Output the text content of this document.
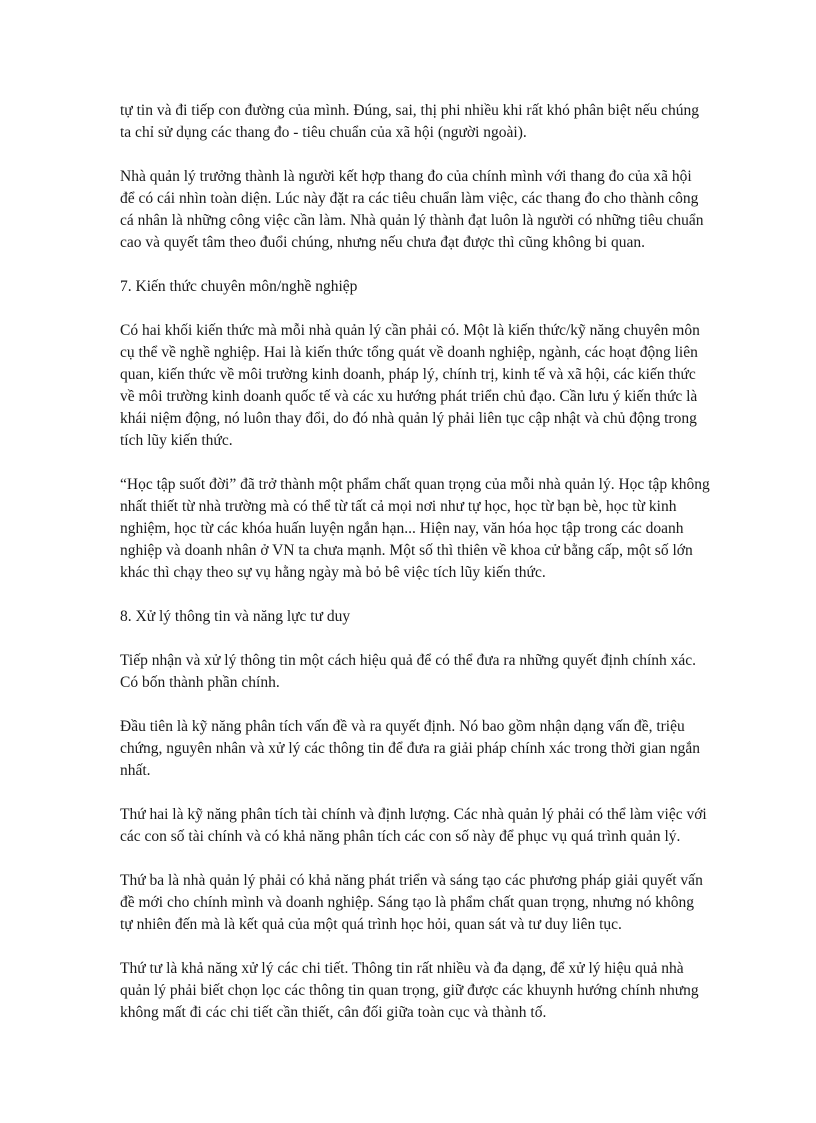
tự tin và đi tiếp con đường của mình. Đúng, sai, thị phi nhiều khi rất khó phân biệt nếu chúng ta chỉ sử dụng các thang đo - tiêu chuẩn của xã hội (người ngoài).

Nhà quản lý trưởng thành là người kết hợp thang đo của chính mình với thang đo của xã hội để có cái nhìn toàn diện. Lúc này đặt ra các tiêu chuẩn làm việc, các thang đo cho thành công cá nhân là những công việc cần làm. Nhà quản lý thành đạt luôn là người có những tiêu chuẩn cao và quyết tâm theo đuổi chúng, nhưng nếu chưa đạt được thì cũng không bi quan.

7. Kiến thức chuyên môn/nghề nghiệp

Có hai khối kiến thức mà mỗi nhà quản lý cần phải có. Một là kiến thức/kỹ năng chuyên môn cụ thể về nghề nghiệp. Hai là kiến thức tổng quát về doanh nghiệp, ngành, các hoạt động liên quan, kiến thức về môi trường kinh doanh, pháp lý, chính trị, kinh tế và xã hội, các kiến thức về môi trường kinh doanh quốc tế và các xu hướng phát triển chủ đạo. Cần lưu ý kiến thức là khái niệm động, nó luôn thay đổi, do đó nhà quản lý phải liên tục cập nhật và chủ động trong tích lũy kiến thức.

“Học tập suốt đời” đã trở thành một phẩm chất quan trọng của mỗi nhà quản lý. Học tập không nhất thiết từ nhà trường mà có thể từ tất cả mọi nơi như tự học, học từ bạn bè, học từ kinh nghiệm, học từ các khóa huấn luyện ngắn hạn... Hiện nay, văn hóa học tập trong các doanh nghiệp và doanh nhân ở VN ta chưa mạnh. Một số thì thiên về khoa cử bằng cấp, một số lớn khác thì chạy theo sự vụ hằng ngày mà bỏ bê việc tích lũy kiến thức.

8. Xử lý thông tin và năng lực tư duy

Tiếp nhận và xử lý thông tin một cách hiệu quả để có thể đưa ra những quyết định chính xác. Có bốn thành phần chính.

Đầu tiên là kỹ năng phân tích vấn đề và ra quyết định. Nó bao gồm nhận dạng vấn đề, triệu chứng, nguyên nhân và xử lý các thông tin để đưa ra giải pháp chính xác trong thời gian ngắn nhất.

Thứ hai là kỹ năng phân tích tài chính và định lượng. Các nhà quản lý phải có thể làm việc với các con số tài chính và có khả năng phân tích các con số này để phục vụ quá trình quản lý.

Thứ ba là nhà quản lý phải có khả năng phát triển và sáng tạo các phương pháp giải quyết vấn đề mới cho chính mình và doanh nghiệp. Sáng tạo là phẩm chất quan trọng, nhưng nó không tự nhiên đến mà là kết quả của một quá trình học hỏi, quan sát và tư duy liên tục.

Thứ tư là khả năng xử lý các chi tiết. Thông tin rất nhiều và đa dạng, để xử lý hiệu quả nhà quản lý phải biết chọn lọc các thông tin quan trọng, giữ được các khuynh hướng chính nhưng không mất đi các chi tiết cần thiết, cân đối giữa toàn cục và thành tố.
